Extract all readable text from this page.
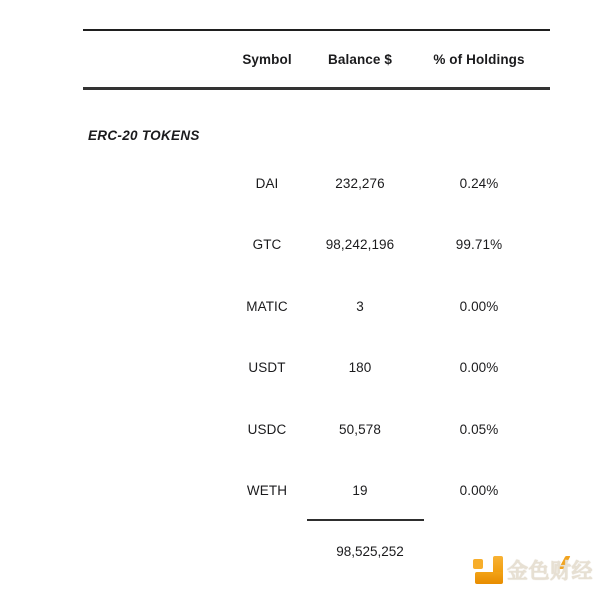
Symbol	Balance $	% of Holdings
ERC-20 TOKENS
DAI	232,276	0.24%
GTC	98,242,196	99.71%
MATIC	3	0.00%
USDT	180	0.00%
USDC	50,578	0.05%
WETH	19	0.00%
98,525,252
金色财经
